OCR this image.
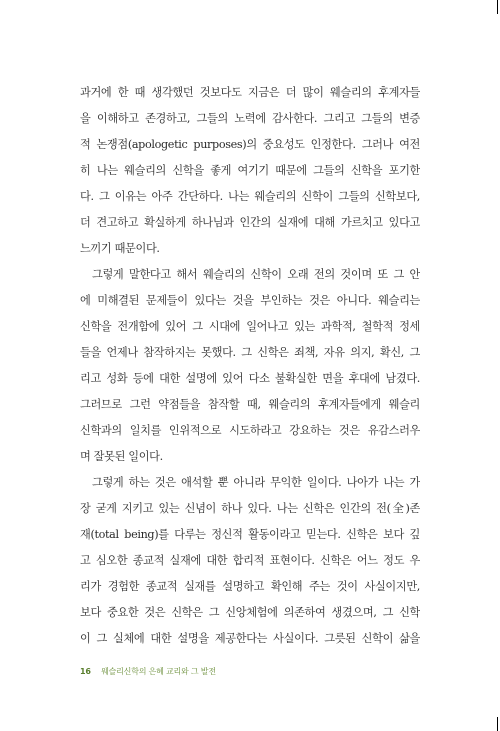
과거에 한 때 생각했던 것보다도 지금은 더 많이 웨슬리의 후계자들
을 이해하고 존경하고, 그들의 노력에 감사한다. 그리고 그들의 변증
적 논쟁점(apologetic purposes)의 중요성도 인정한다. 그러나 여전
히 나는 웨슬리의 신학을 좋게 여기기 때문에 그들의 신학을 포기한
다. 그 이유는 아주 간단하다. 나는 웨슬리의 신학이 그들의 신학보다,
더 견고하고 확실하게 하나님과 인간의 실재에 대해 가르치고 있다고
느끼기 때문이다.
그렇게 말한다고 해서 웨슬리의 신학이 오래 전의 것이며 또 그 안
에 미해결된 문제들이 있다는 것을 부인하는 것은 아니다. 웨슬리는
신학을 전개함에 있어 그 시대에 일어나고 있는 과학적, 철학적 정세
들을 언제나 참작하지는 못했다. 그 신학은 죄책, 자유 의지, 확신, 그
리고 성화 등에 대한 설명에 있어 다소 불확실한 면을 후대에 남겼다.
그러므로 그런 약점들을 참작할 때, 웨슬리의 후계자들에게 웨슬리
신학과의 일치를 인위적으로 시도하라고 강요하는 것은 유감스러우
며 잘못된 일이다.
그렇게 하는 것은 애석할 뿐 아니라 무익한 일이다. 나아가 나는 가
장 굳게 지키고 있는 신념이 하나 있다. 나는 신학은 인간의 전(全)존
재(total being)를 다루는 정신적 활동이라고 믿는다. 신학은 보다 깊
고 심오한 종교적 실재에 대한 합리적 표현이다. 신학은 어느 정도 우
리가 경험한 종교적 실재를 설명하고 확인해 주는 것이 사실이지만,
보다 중요한 것은 신학은 그 신앙체험에 의존하여 생겼으며, 그 신학
이 그 실체에 대한 설명을 제공한다는 사실이다. 그릇된 신학이 삶을
16 웨슬리신학의 은혜 교리와 그 발전
